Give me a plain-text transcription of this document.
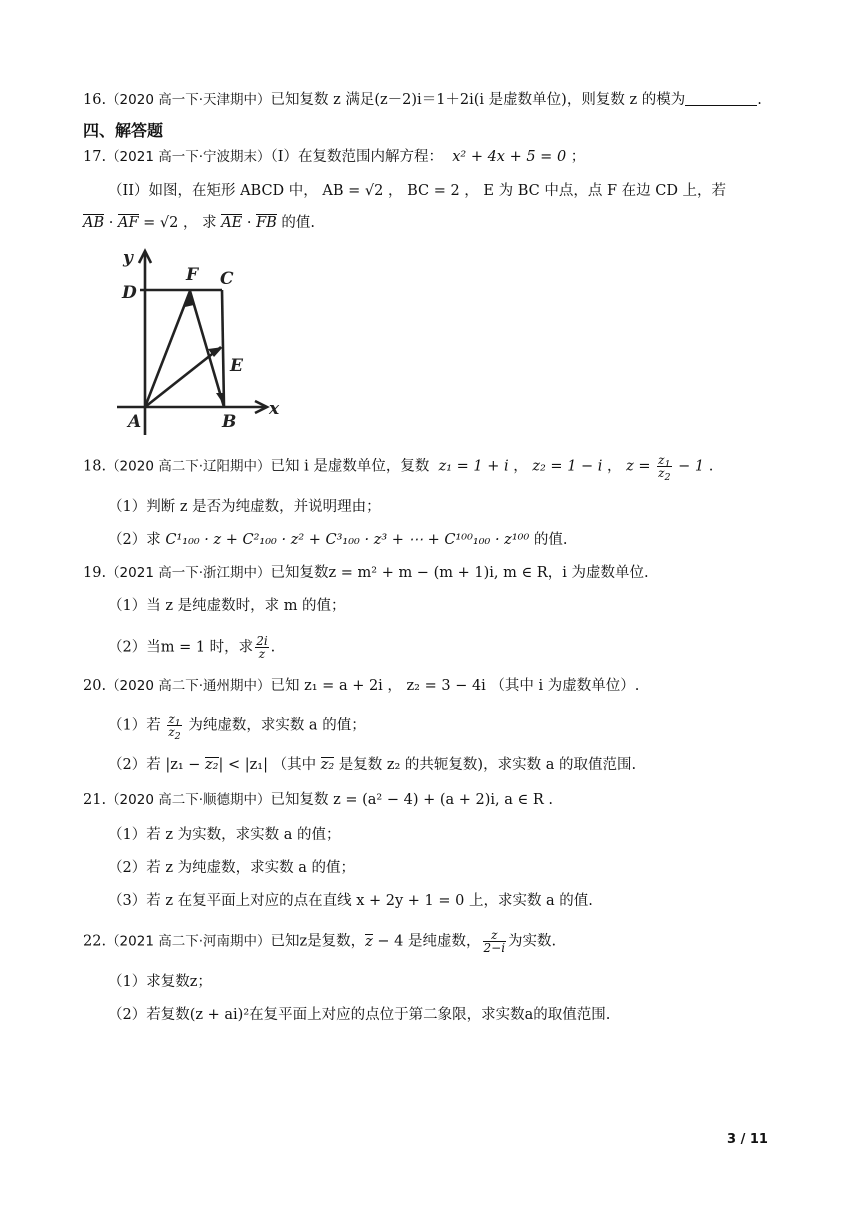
16.（2020 高一下·天津期中）已知复数 z 满足(z－2)i＝1＋2i(i 是虚数单位)，则复数 z 的模为	.
四、解答题
17.（2021 高一下·宁波期末）（I）在复数范围内解方程： x² + 4x + 5 = 0 ；
（II）如图，在矩形 ABCD 中， AB = √2 ， BC = 2 ， E 为 BC 中点，点 F 在边 CD 上，若
AB · AF = √2 ， 求 AE · FB 的值.
y
x
D
F C
E
A	B
18.（2020 高二下·辽阳期中）已知 i 是虚数单位，复数  z₁ = 1 + i ， z₂ = 1 − i ， $z = \frac{z_1}{z_2} - 1$ .
（1）判断 z 是否为纯虚数，并说明理由；
（2）求 C¹₁₀₀ · z + C²₁₀₀ · z² + C³₁₀₀ · z³ + ⋯ + C¹⁰⁰₁₀₀ · z¹⁰⁰ 的值.
19.（2021 高一下·浙江期中）已知复数z = m² + m − (m + 1)i, m ∈ R，i 为虚数单位.
（1）当 z 是纯虚数时，求 m 的值；
（2）当m = 1 时，求 $\frac{2i}{z}$ .
20.（2020 高二下·通州期中）已知 z₁ = a + 2i ， z₂ = 3 − 4i （其中 i 为虚数单位）.
（1）若 $\frac{z_1}{z_2}$ 为纯虚数，求实数 a 的值；
（2）若 |z₁ − z₂| < |z₁| （其中 z₂ 是复数 z₂ 的共轭复数)，求实数 a 的取值范围.
21.（2020 高二下·顺德期中）已知复数 z = (a² − 4) + (a + 2)i, a ∈ R .
（1）若 z 为实数，求实数 a 的值；
（2）若 z 为纯虚数，求实数 a 的值；
（3）若 z 在复平面上对应的点在直线 x + 2y + 1 = 0 上，求实数 a 的值.
22.（2021 高二下·河南期中）已知z是复数，z − 4 是纯虚数， $\frac{z}{2-i}$ 为实数.
（1）求复数z；
（2）若复数(z + ai)²在复平面上对应的点位于第二象限，求实数a的取值范围.
3 / 11
